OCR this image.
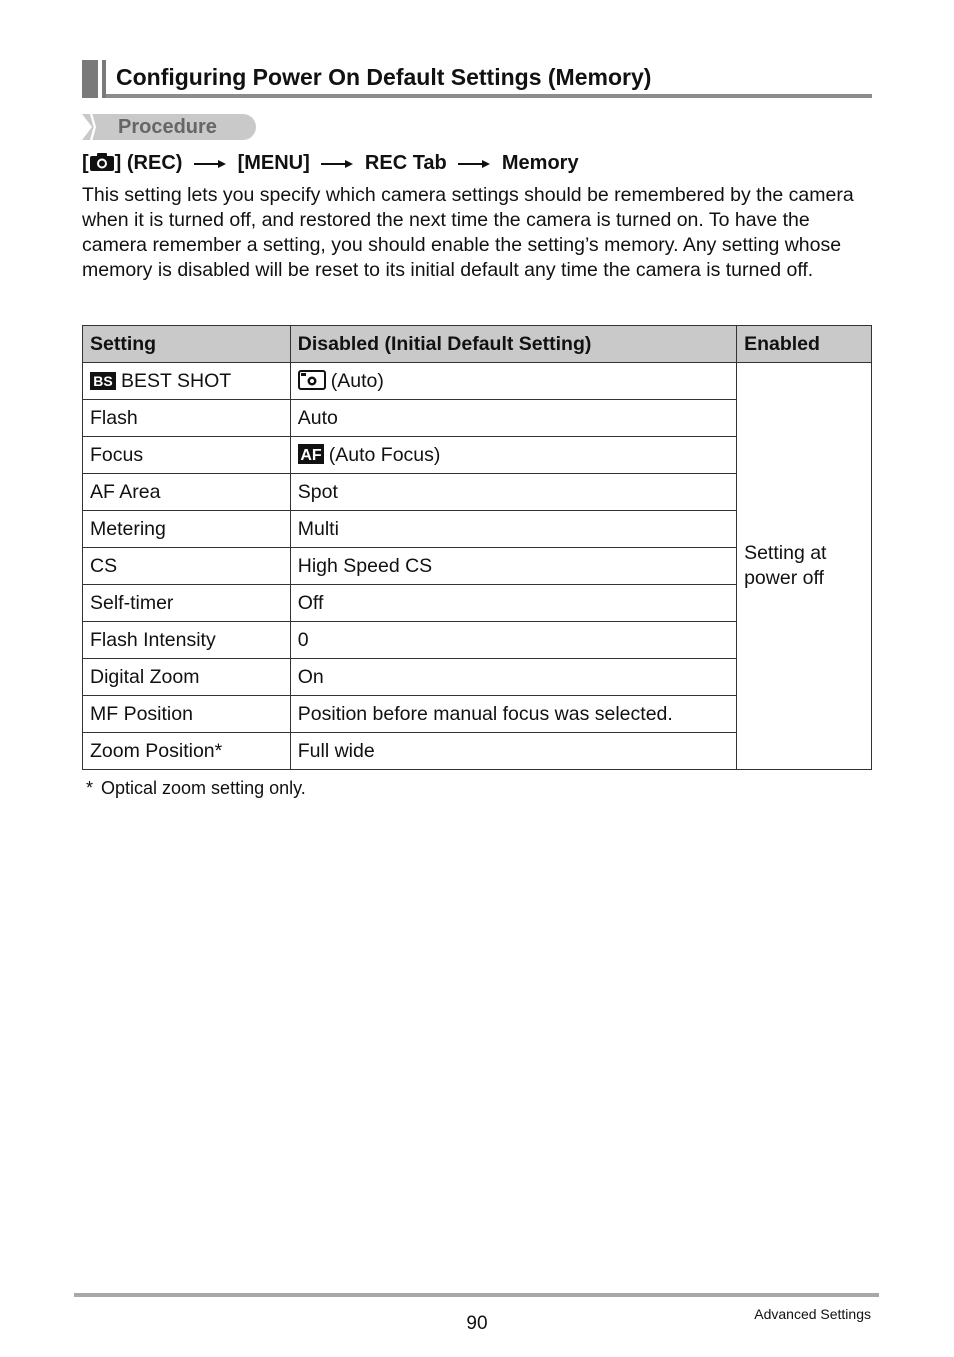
Configuring Power On Default Settings (Memory)
Procedure
[ ] (REC)	[MENU]	REC Tab	Memory
This setting lets you specify which camera settings should be remembered by the camera when it is turned off, and restored the next time the camera is turned on. To have the camera remember a setting, you should enable the setting’s memory. Any setting whose memory is disabled will be reset to its initial default any time the camera is turned off.
Setting	Disabled (Initial Default Setting)	Enabled

BS BEST SHOT	(Auto)	Setting at power off
Flash	Auto	
Focus	AF (Auto Focus)	
AF Area	Spot	
Metering	Multi	
CS	High Speed CS	
Self-timer	Off	
Flash Intensity	0	
Digital Zoom	On	
MF Position	Position before manual focus was selected.	
Zoom Position*	Full wide	
* Optical zoom setting only.
90	Advanced Settings
